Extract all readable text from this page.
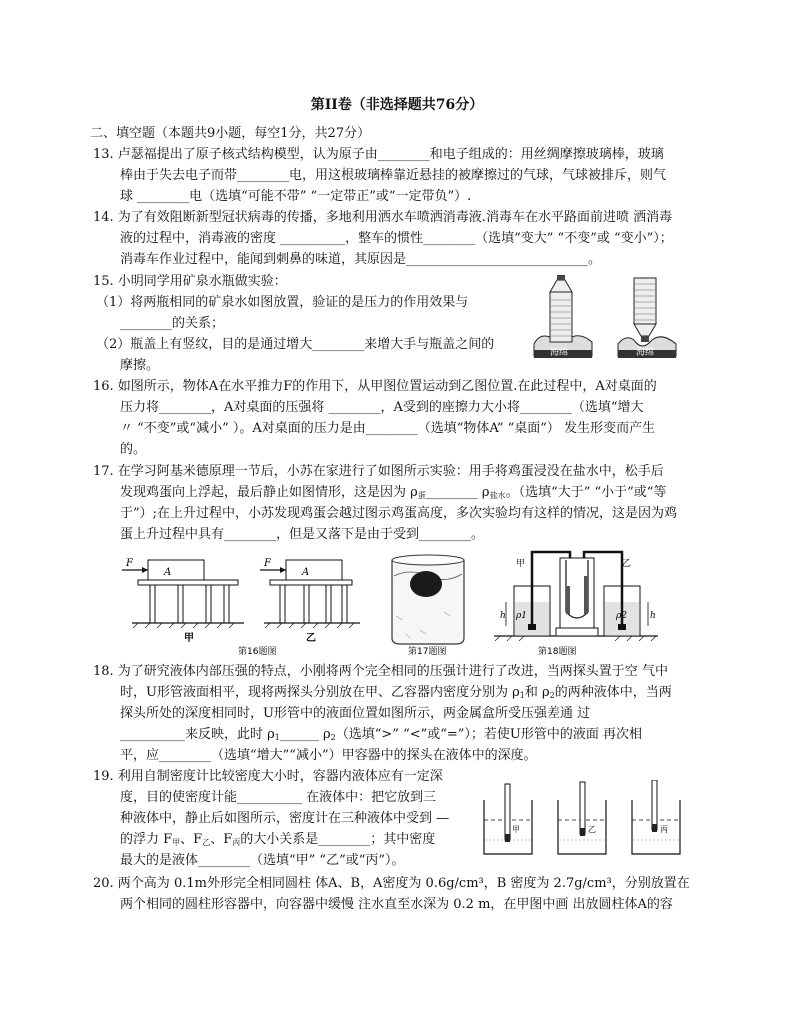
第II卷（非选择题共76分）
二、填空题（本题共9小题，每空1分，共27分）
13. 卢瑟福提出了原子核式结构模型，认为原子由________和电子组成的：用丝绸摩擦玻璃棒，玻璃
棒由于失去电子而带________电，用这根玻璃棒靠近悬挂的被摩擦过的气球，气球被排斥，则气
球 ________电（选填“可能不带” “一定带正”或“一定带负”）.
14. 为了有效阻断新型冠状病毒的传播，多地利用洒水车喷洒消毒液.消毒车在水平路面前进喷 洒消毒
液的过程中，消毒液的密度 __________，整车的惯性________（选填“变大” “不变”或 “变小”）；
消毒车作业过程中，能闻到刺鼻的味道，其原因是____________________________。
15. 小明同学用矿泉水瓶做实验：
（1）将两瓶相同的矿泉水如图放置，验证的是压力的作用效果与
________的关系；
（2）瓶盖上有竖纹，目的是通过增大________来增大手与瓶盖之间的
摩擦。
海绵	海绵
16. 如图所示，物体A在水平推力F的作用下，从甲图位置运动到乙图位置.在此过程中，A对桌面的
压力将________，A对桌面的压强将 ________，A受到的座擦力大小将________（选填“增大
〃 “不变”或“减小” ）。A对桌面的压力是由________（选填“物体A” “桌面”） 发生形变而产生
的。
17. 在学习阿基米德原理一节后，小苏在家进行了如图所示实验：用手将鸡蛋浸没在盐水中，松手后
发现鸡蛋向上浮起，最后静止如图情形，这是因为 $\rho_蛋\_\_\_\_\_\_\_\_$ $\rho_{盐水}$。（选填“大于” “小于”或“等
于”）;在上升过程中，小苏发现鸡蛋会越过图示鸡蛋高度，多次实验均有这样的情况，这是因为鸡
蛋上升过程中具有________，但是又落下是由于受到________。
F
A
甲
F
A
乙
第16题图	第17题图
甲
ρ1
h
乙
ρ2	h
第18题图
18. 为了研究液体内部压强的特点，小刚将两个完全相同的压强计进行了改进，当两探头置于空 气中
时，U形管液面相平，现将两探头分别放在甲、乙容器内密度分别为 $\rho_1$和 $\rho_2$的两种液体中，当两
探头所处的深度相同时，U形管中的液面位置如图所示，两金属盒所受压强差通 过
__________来反映，此时 $\rho_1\_\_\_\_\_\_$ $\rho_2$（选填“>” “<”或“=”）；若使U形管中的液面 再次相
平，应________（选填“增大”“减小”）甲容器中的探头在液体中的深度。
19. 利用自制密度计比较密度大小时，容器内液体应有一定深
度，目的使密度计能__________ 在液体中：把它放到三
种液体中，静止后如图所示，密度计在三种液体中受到 —
的浮力 $F_甲$、$F_乙$、$F_丙$的大小关系是________；其中密度
最大的是液体________（选填“甲” “乙”或“丙”）。
甲	乙	丙
20. 两个高为 0.1m外形完全相同圆柱 体A、B，A密度为 0.6g/cm³，B 密度为 2.7g/cm³，分别放置在
两个相同的圆柱形容器中，向容器中缓慢 注水直至水深为 0.2 m，在甲图中画 出放圆柱体A的容
